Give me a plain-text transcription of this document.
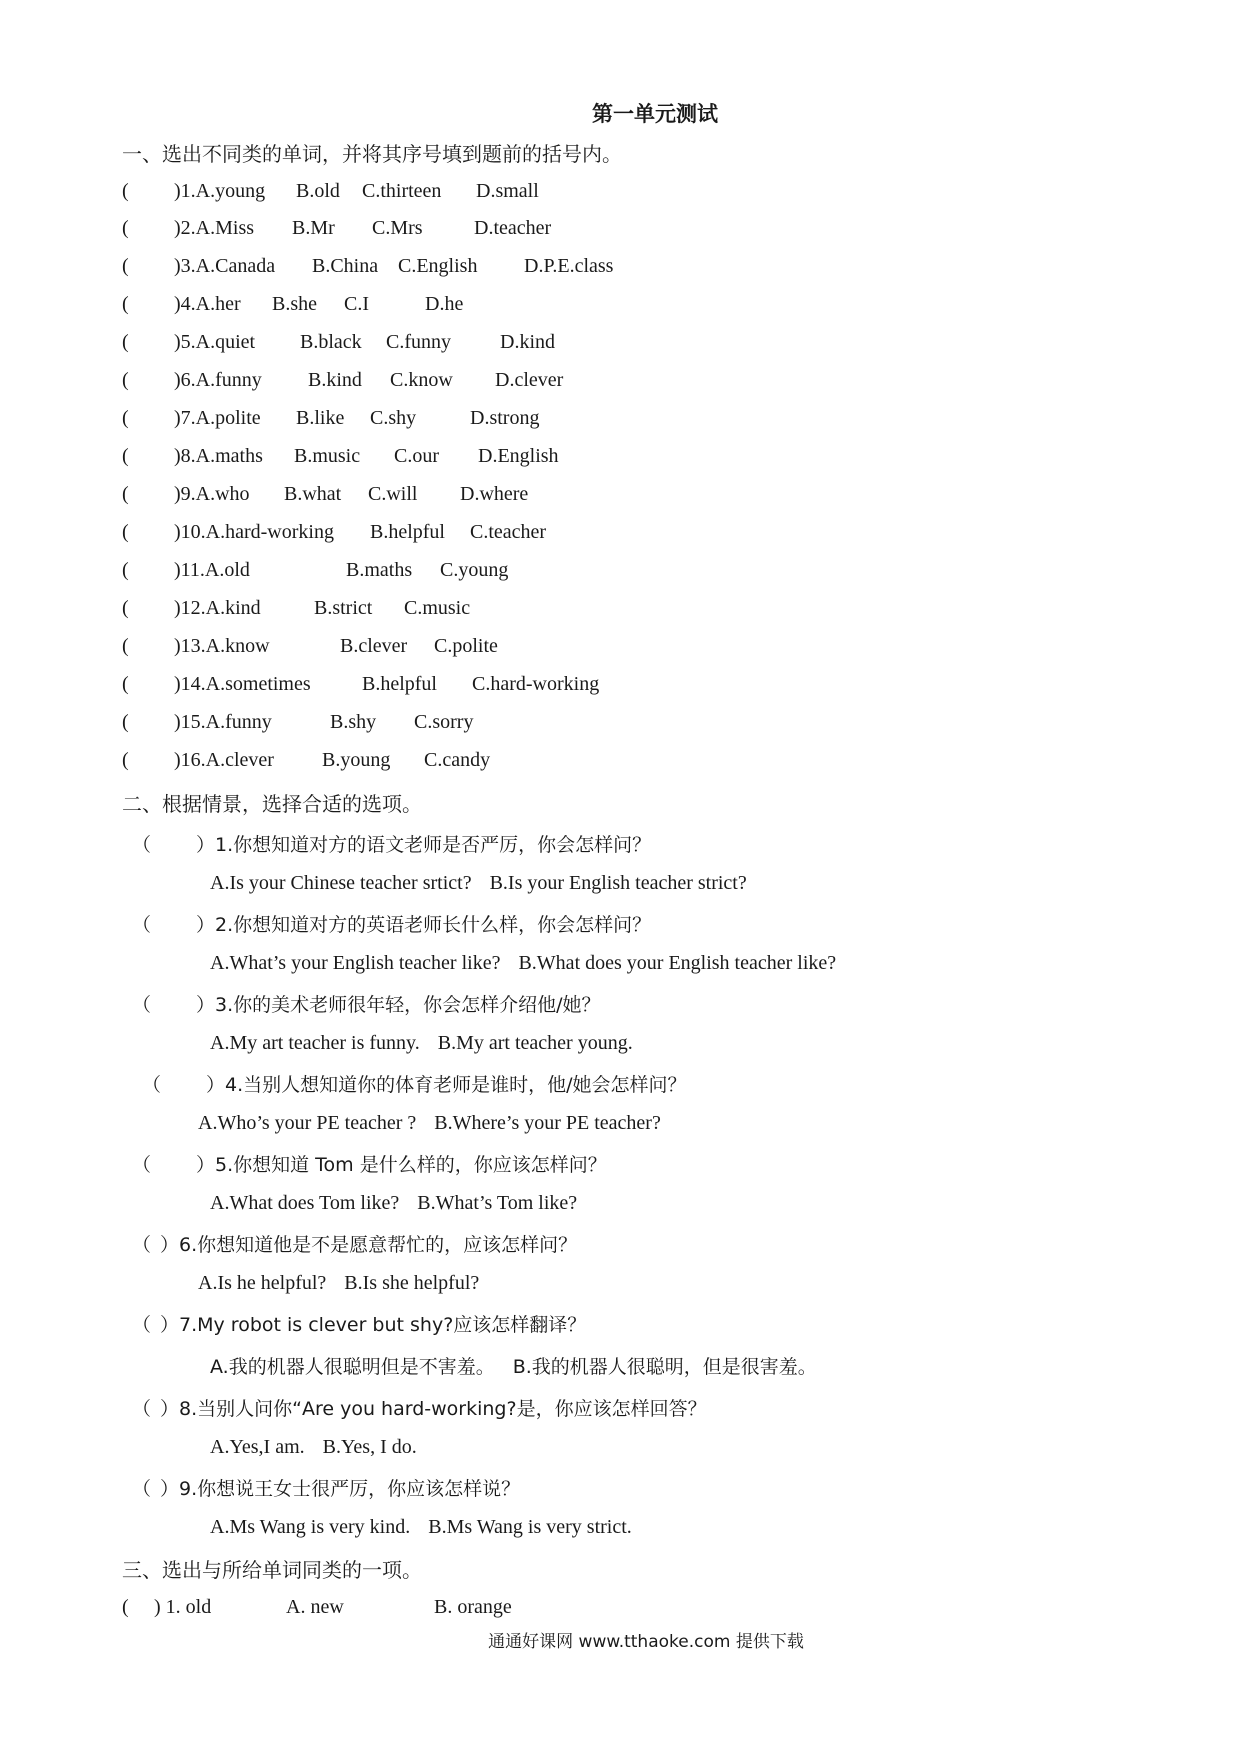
第一单元测试
一、选出不同类的单词，并将其序号填到题前的括号内。
( )1.A.young B.old C.thirteen D.small
( )2.A.Miss B.Mr C.Mrs	D.teacher
( )3.A.Canada B.China C.English D.P.E.class
( )4.A.her B.she C.I	D.he
( )5.A.quiet B.black C.funny D.kind
( )6.A.funny B.kind C.know D.clever
( )7.A.polite B.like C.shy	D.strong
( )8.A.maths B.music C.our D.English
( )9.A.who B.what C.will D.where
( )10.A.hard-working B.helpful C.teacher
( )11.A.old	B.maths C.young
( )12.A.kind	B.strict C.music
( )13.A.know	B.clever C.polite
( )14.A.sometimes	B.helpful C.hard-working
( )15.A.funny	B.shy C.sorry
( )16.A.clever B.young C.candy
二、根据情景，选择合适的选项。
（ ）1.你想知道对方的语文老师是否严厉，你会怎样问？
A.Is your Chinese teacher srtict? B.Is your English teacher strict?
（ ）2.你想知道对方的英语老师长什么样，你会怎样问？
A.What’s your English teacher like? B.What does your English teacher like?
（ ）3.你的美术老师很年轻，你会怎样介绍他/她？
A.My art teacher is funny. B.My art teacher young.
（ ）4.当别人想知道你的体育老师是谁时，他/她会怎样问？
A.Who’s your PE teacher ? B.Where’s your PE teacher?
（ ）5.你想知道 Tom 是什么样的，你应该怎样问？
A.What does Tom like? B.What’s Tom like?
（ ）6.你想知道他是不是愿意帮忙的，应该怎样问？
A.Is he helpful? B.Is she helpful?
（ ）7.My robot is clever but shy?应该怎样翻译？
A.我的机器人很聪明但是不害羞。 B.我的机器人很聪明，但是很害羞。
（ ）8.当别人问你“Are you hard-working?是，你应该怎样回答？
A.Yes,I am. B.Yes, I do.
（ ）9.你想说王女士很严厉，你应该怎样说？
A.Ms Wang is very kind. B.Ms Wang is very strict.
三、选出与所给单词同类的一项。
( ) 1. old	A. new	B. orange
通通好课网 www.tthaoke.com 提供下载
